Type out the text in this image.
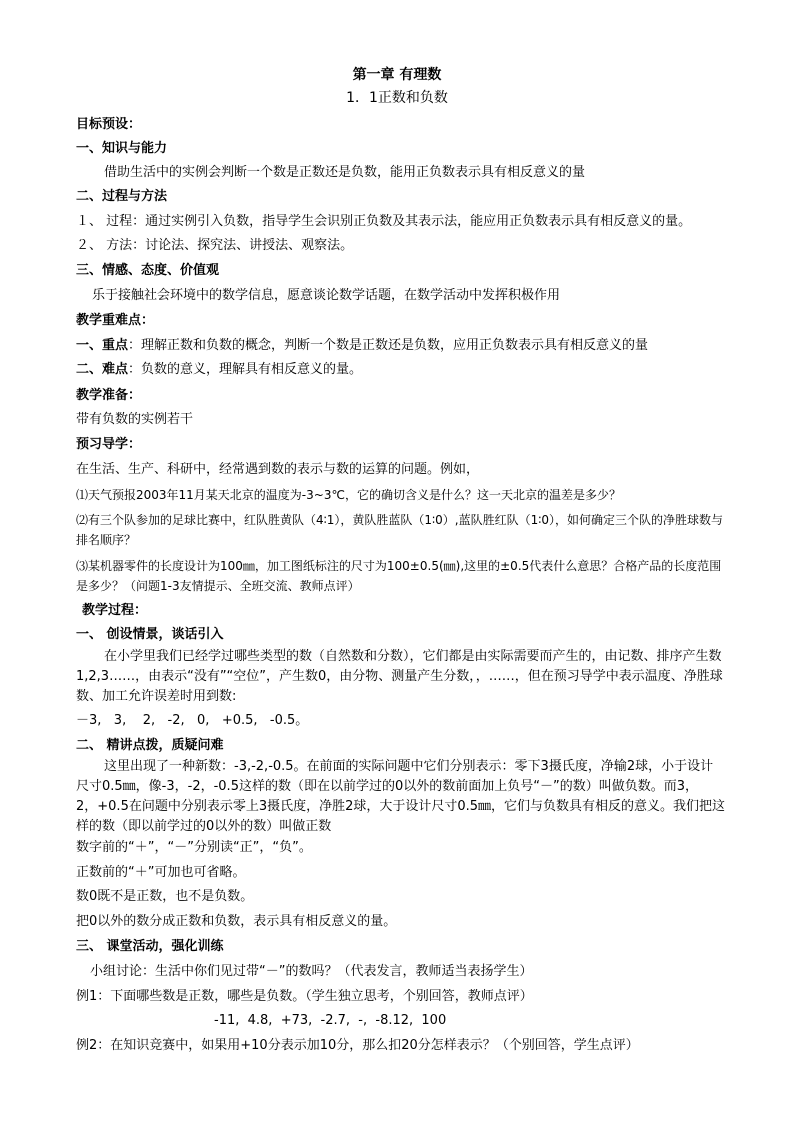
第一章 有理数
1．1正数和负数
目标预设：
一、知识与能力
借助生活中的实例会判断一个数是正数还是负数，能用正负数表示具有相反意义的量
二、过程与方法
１、 过程：通过实例引入负数，指导学生会识别正负数及其表示法，能应用正负数表示具有相反意义的量。
２、 方法：讨论法、探究法、讲授法、观察法。
三、情感、态度、价值观
乐于接触社会环境中的数学信息，愿意谈论数学话题，在数学活动中发挥积极作用
教学重难点：
一、重点：理解正数和负数的概念，判断一个数是正数还是负数，应用正负数表示具有相反意义的量
二、难点：负数的意义，理解具有相反意义的量。
教学准备：
带有负数的实例若干
预习导学：
在生活、生产、科研中，经常遇到数的表示与数的运算的问题。例如，
⑴天气预报2003年11月某天北京的温度为-3~3℃，它的确切含义是什么？这一天北京的温差是多少？
⑵有三个队参加的足球比赛中，红队胜黄队（4∶1），黄队胜蓝队（1∶0）,蓝队胜红队（1∶0），如何确定三个队的净胜球数与排名顺序？
⑶某机器零件的长度设计为100㎜，加工图纸标注的尺寸为100±0.5(㎜),这里的±0.5代表什么意思？合格产品的长度范围是多少？（问题1-3友情提示、全班交流、教师点评）
教学过程：
一、 创设情景，谈话引入
在小学里我们已经学过哪些类型的数（自然数和分数），它们都是由实际需要而产生的，由记数、排序产生数1,2,3……，由表示“没有”“空位”，产生数0，由分物、测量产生分数，，……，但在预习导学中表示温度、净胜球数、加工允许误差时用到数:
－3,   3,    2,   -2,   0,   +0.5,   -0.5。
二、 精讲点拨，质疑问难
这里出现了一种新数：-3,-2,-0.5。在前面的实际问题中它们分别表示：零下3摄氏度，净输2球，小于设计尺寸0.5㎜，像-3，-2，-0.5这样的数（即在以前学过的0以外的数前面加上负号“－”的数）叫做负数。而3，2，+0.5在问题中分别表示零上3摄氏度，净胜2球，大于设计尺寸0.5㎜，它们与负数具有相反的意义。我们把这样的数（即以前学过的0以外的数）叫做正数
数字前的“＋”，“－”分别读“正”，“负”。
正数前的“＋”可加也可省略。
数0既不是正数，也不是负数。
把0以外的数分成正数和负数，表示具有相反意义的量。
三、 课堂活动，强化训练
小组讨论：生活中你们见过带“－”的数吗？（代表发言，教师适当表扬学生）
例1：下面哪些数是正数，哪些是负数。（学生独立思考，个别回答，教师点评）
-11,  4.8,  +73,  -2.7,  -,  -8.12,  100
例2：在知识竞赛中，如果用+10分表示加10分，那么扣20分怎样表示？（个别回答，学生点评）
